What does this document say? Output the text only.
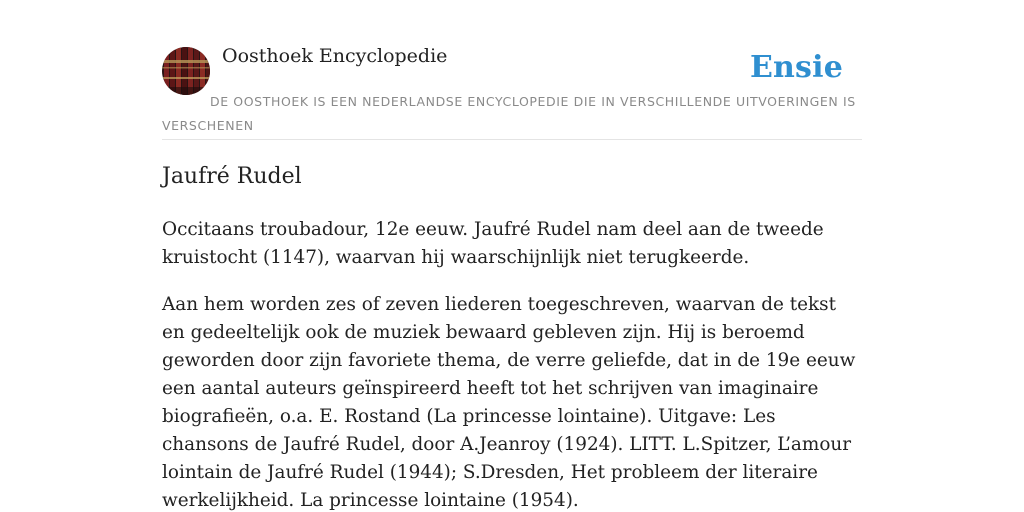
Oosthoek Encyclopedie	Ensie
DE OOSTHOEK IS EEN NEDERLANDSE ENCYCLOPEDIE DIE IN VERSCHILLENDE UITVOERINGEN IS VERSCHENEN
Jaufré Rudel

Occitaans troubadour, 12e eeuw. Jaufré Rudel nam deel aan de tweede kruistocht (1147), waarvan hij waarschijnlijk niet terugkeerde.

Aan hem worden zes of zeven liederen toegeschreven, waarvan de tekst en gedeeltelijk ook de muziek bewaard gebleven zijn. Hij is beroemd geworden door zijn favoriete thema, de verre geliefde, dat in de 19e eeuw een aantal auteurs geïnspireerd heeft tot het schrijven van imaginaire biografieën, o.a. E. Rostand (La princesse lointaine). Uitgave: Les chansons de Jaufré Rudel, door A.Jeanroy (1924). LITT. L.Spitzer, L’amour lointain de Jaufré Rudel (1944); S.Dresden, Het probleem der literaire werkelijkheid. La princesse lointaine (1954).
